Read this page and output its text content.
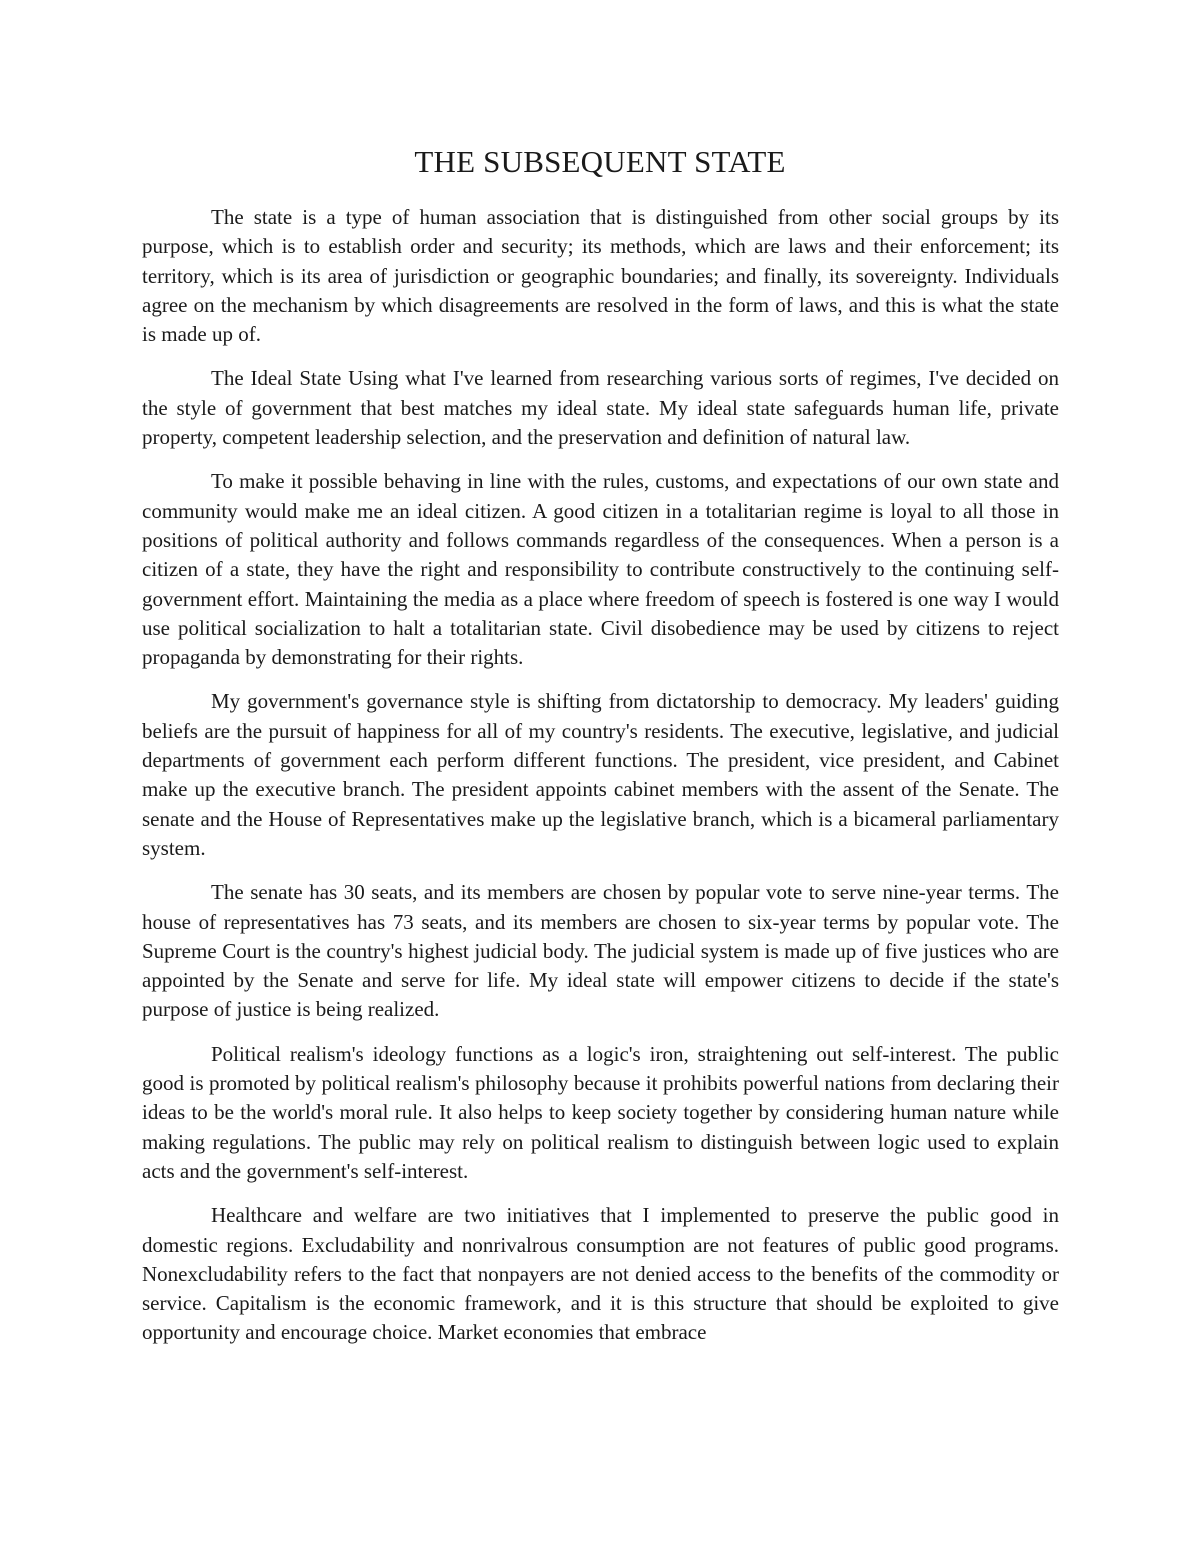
THE SUBSEQUENT STATE

The state is a type of human association that is distinguished from other social groups by its purpose, which is to establish order and security; its methods, which are laws and their enforcement; its territory, which is its area of jurisdiction or geographic boundaries; and finally, its sovereignty. Individuals agree on the mechanism by which disagreements are resolved in the form of laws, and this is what the state is made up of.

The Ideal State Using what I've learned from researching various sorts of regimes, I've decided on the style of government that best matches my ideal state. My ideal state safeguards human life, private property, competent leadership selection, and the preservation and definition of natural law.

To make it possible behaving in line with the rules, customs, and expectations of our own state and community would make me an ideal citizen. A good citizen in a totalitarian regime is loyal to all those in positions of political authority and follows commands regardless of the consequences. When a person is a citizen of a state, they have the right and responsibility to contribute constructively to the continuing self-government effort. Maintaining the media as a place where freedom of speech is fostered is one way I would use political socialization to halt a totalitarian state. Civil disobedience may be used by citizens to reject propaganda by demonstrating for their rights.

My government's governance style is shifting from dictatorship to democracy. My leaders' guiding beliefs are the pursuit of happiness for all of my country's residents. The executive, legislative, and judicial departments of government each perform different functions. The president, vice president, and Cabinet make up the executive branch. The president appoints cabinet members with the assent of the Senate. The senate and the House of Representatives make up the legislative branch, which is a bicameral parliamentary system.

The senate has 30 seats, and its members are chosen by popular vote to serve nine-year terms. The house of representatives has 73 seats, and its members are chosen to six-year terms by popular vote. The Supreme Court is the country's highest judicial body. The judicial system is made up of five justices who are appointed by the Senate and serve for life. My ideal state will empower citizens to decide if the state's purpose of justice is being realized.

Political realism's ideology functions as a logic's iron, straightening out self-interest. The public good is promoted by political realism's philosophy because it prohibits powerful nations from declaring their ideas to be the world's moral rule. It also helps to keep society together by considering human nature while making regulations. The public may rely on political realism to distinguish between logic used to explain acts and the government's self-interest.

Healthcare and welfare are two initiatives that I implemented to preserve the public good in domestic regions. Excludability and nonrivalrous consumption are not features of public good programs. Nonexcludability refers to the fact that nonpayers are not denied access to the benefits of the commodity or service. Capitalism is the economic framework, and it is this structure that should be exploited to give opportunity and encourage choice. Market economies that embrace
